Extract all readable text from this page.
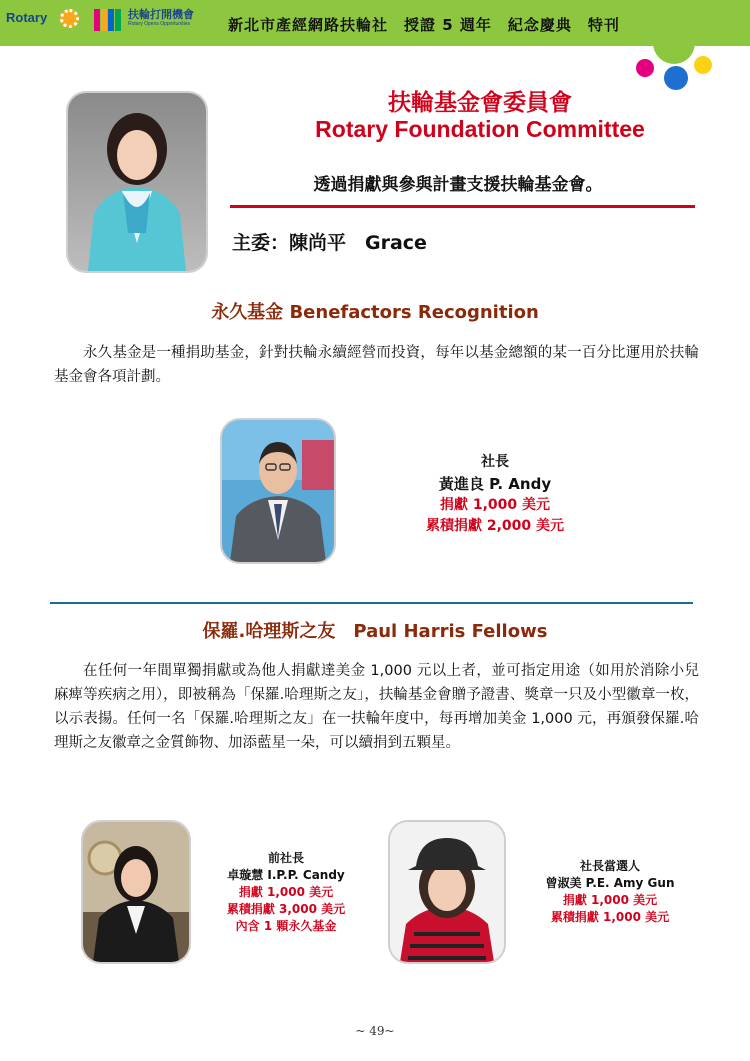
Rotary	扶輪打開機會
Rotary Opens Opportunities	新北市產經網路扶輪社　授證 5 週年　紀念慶典　特刊
扶輪基金會委員會
Rotary Foundation Committee
透過捐獻與參與計畫支援扶輪基金會。
主委：陳尚平　Grace
永久基金 Benefactors Recognition

永久基金是一種捐助基金，針對扶輪永續經營而投資，每年以基金總額的某一百分比運用於扶輪基金會各項計劃。

社長
黃進良 P. Andy
捐獻 1,000 美元
累積捐獻 2,000 美元
保羅.哈理斯之友　Paul Harris Fellows

在任何一年間單獨捐獻或為他人捐獻達美金 1,000 元以上者，並可指定用途（如用於消除小兒麻痺等疾病之用），即被稱為「保羅.哈理斯之友」，扶輪基金會贈予證書、獎章一只及小型徽章一枚，以示表揚。任何一名「保羅.哈理斯之友」在一扶輪年度中，每再增加美金 1,000 元，再頒發保羅.哈理斯之友徽章之金質飾物、加添藍星一朵，可以續捐到五顆星。

前社長
卓璇慧 I.P.P. Candy
捐獻 1,000 美元
累積捐獻 3,000 美元
內含 1 顆永久基金
社長當選人
曾淑美 P.E. Amy Gun
捐獻 1,000 美元
累積捐獻 1,000 美元
~ 49~
